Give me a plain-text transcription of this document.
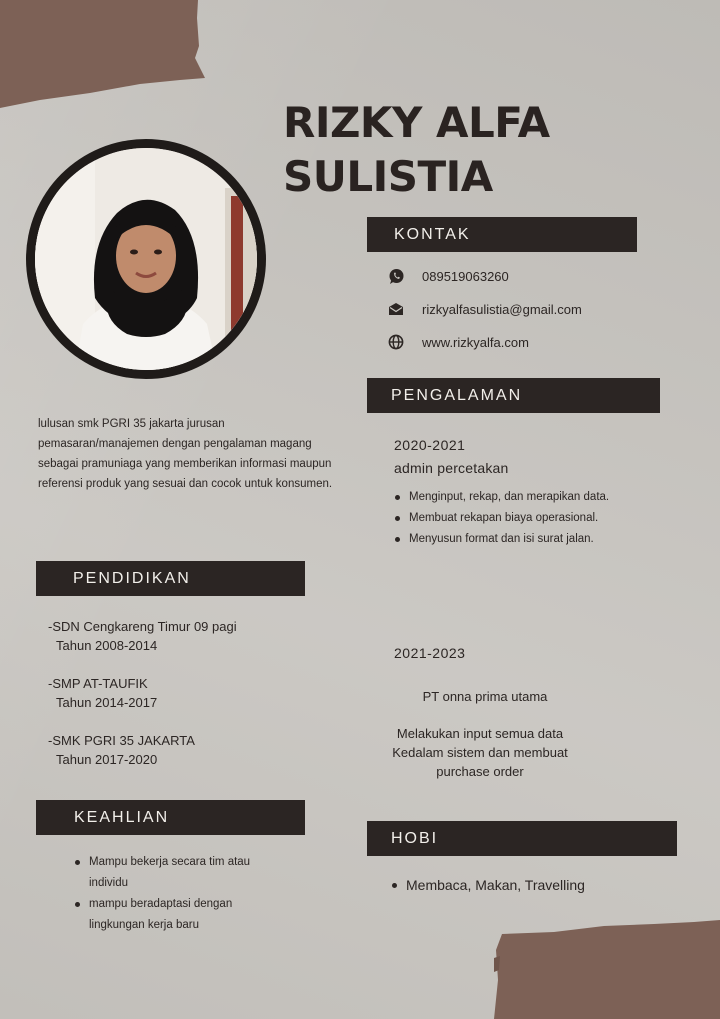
RIZKY ALFA
SULISTIA
KONTAK
089519063260
rizkyalfasulistia@gmail.com
www.rizkyalfa.com

lulusan smk PGRI 35 jakarta jurusan pemasaran/manajemen dengan pengalaman magang sebagai pramuniaga yang memberikan informasi maupun referensi produk yang sesuai dan cocok untuk konsumen.

PENGALAMAN
2020-2021
admin percetakan
Menginput, rekap, dan merapikan data.
Membuat rekapan biaya operasional.
Menyusun format dan isi surat jalan.
2021-2023
PT onna prima utama
Melakukan input semua data
Kedalam sistem dan membuat
purchase order
PENDIDIKAN
-SDN Cengkareng Timur 09 pagi
Tahun 2008-2014
-SMP AT-TAUFIK
Tahun 2014-2017
-SMK PGRI 35 JAKARTA
Tahun 2017-2020
KEAHLIAN
Mampu bekerja secara tim atau individu
mampu beradaptasi dengan lingkungan kerja baru
HOBI
Membaca, Makan, Travelling
